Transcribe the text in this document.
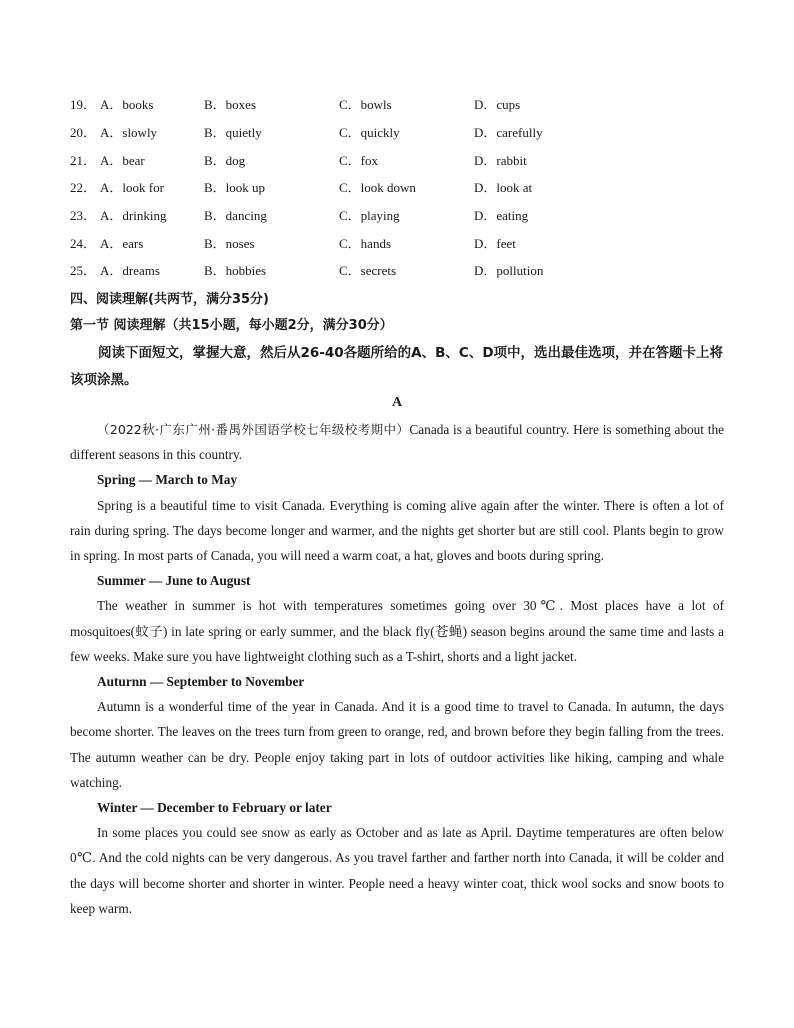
19． A．books	B．boxes	C．bowls	D．cups
20． A．slowly	B．quietly	C．quickly	D．carefully
21． A．bear	B．dog	C．fox	D．rabbit
22． A．look for	B．look up	C．look down	D．look at
23． A．drinking	B．dancing	C．playing	D．eating
24． A．ears	B．noses	C．hands	D．feet
25． A．dreams	B．hobbies	C．secrets	D．pollution
四、阅读理解(共两节，满分35分)
第一节 阅读理解（共15小题，每小题2分，满分30分）
阅读下面短文，掌握大意，然后从26-40各题所给的A、B、C、D项中，选出最佳选项，并在答题卡上将该项涂黑。
A

（2022秋·广东广州·番禺外国语学校七年级校考期中）Canada is a beautiful country. Here is something about the different seasons in this country.

Spring — March to May

Spring is a beautiful time to visit Canada. Everything is coming alive again after the winter. There is often a lot of rain during spring. The days become longer and warmer, and the nights get shorter but are still cool. Plants begin to grow in spring. In most parts of Canada, you will need a warm coat, a hat, gloves and boots during spring.

Summer — June to August

The weather in summer is hot with temperatures sometimes going over 30℃. Most places have a lot of mosquitoes(蚊子) in late spring or early summer, and the black fly(苍蝇) season begins around the same time and lasts a few weeks. Make sure you have lightweight clothing such as a T-shirt, shorts and a light jacket.

Auturnn — September to November

Autumn is a wonderful time of the year in Canada. And it is a good time to travel to Canada. In autumn, the days become shorter. The leaves on the trees turn from green to orange, red, and brown before they begin falling from the trees. The autumn weather can be dry. People enjoy taking part in lots of outdoor activities like hiking, camping and whale watching.

Winter — December to February or later

In some places you could see snow as early as October and as late as April. Daytime temperatures are often below 0℃. And the cold nights can be very dangerous. As you travel farther and farther north into Canada, it will be colder and the days will become shorter and shorter in winter. People need a heavy winter coat, thick wool socks and snow boots to keep warm.
